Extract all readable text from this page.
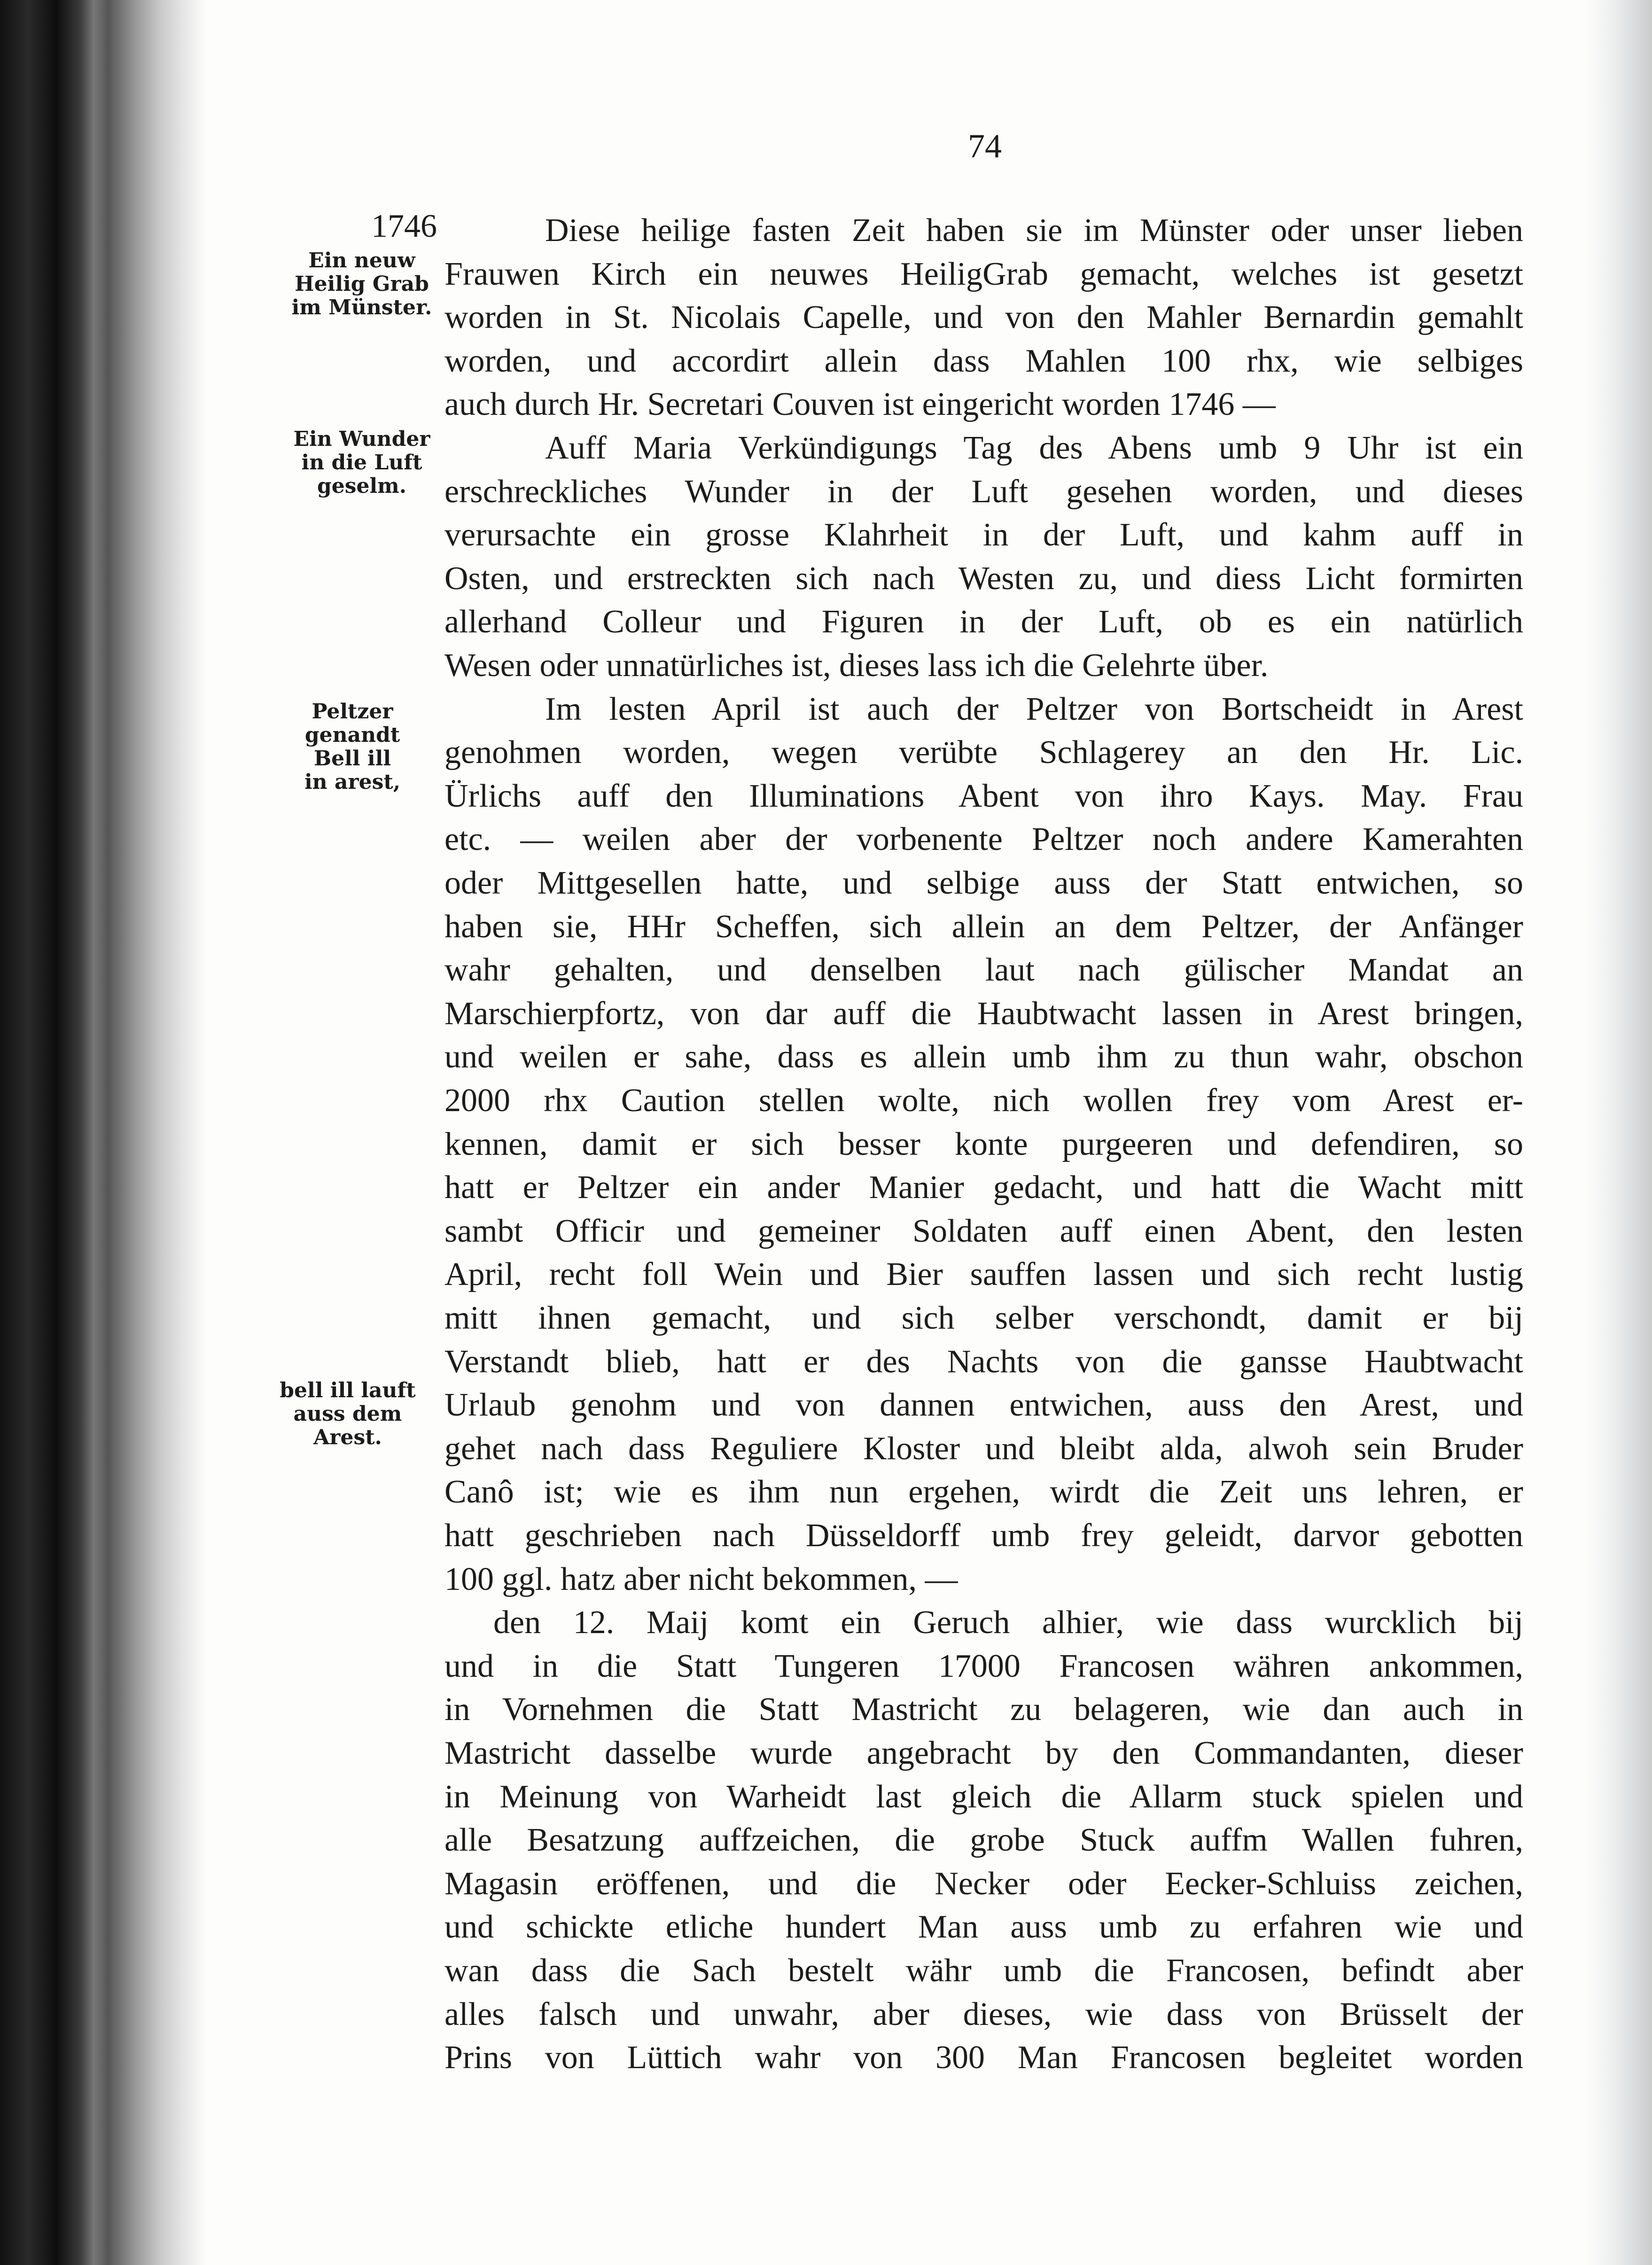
74
1746
Ein neuw
Heilig Grab
im Münster.
Ein Wunder
in die Luft
geselm.
Peltzer
genandt
Bell ill
in arest,
bell ill lauft
auss dem
Arest.
Diese heilige fasten Zeit haben sie im Münster oder unser lieben
Frauwen Kirch ein neuwes HeiligGrab gemacht, welches ist gesetzt
worden in St. Nicolais Capelle, und von den Mahler Bernardin gemahlt
worden, und accordirt allein dass Mahlen 100 rhx, wie selbiges
auch durch Hr. Secretari Couven ist eingericht worden 1746 —
Auff Maria Verkündigungs Tag des Abens umb 9 Uhr ist ein
erschreckliches Wunder in der Luft gesehen worden, und dieses
verursachte ein grosse Klahrheit in der Luft, und kahm auff in
Osten, und erstreckten sich nach Westen zu, und diess Licht formirten
allerhand Colleur und Figuren in der Luft, ob es ein natürlich
Wesen oder unnatürliches ist, dieses lass ich die Gelehrte über.
Im lesten April ist auch der Peltzer von Bortscheidt in Arest
genohmen worden, wegen verübte Schlagerey an den Hr. Lic.
Ürlichs auff den Illuminations Abent von ihro Kays. May. Frau
etc. — weilen aber der vorbenente Peltzer noch andere Kamerahten
oder Mittgesellen hatte, und selbige auss der Statt entwichen, so
haben sie, HHr Scheffen, sich allein an dem Peltzer, der Anfänger
wahr gehalten, und denselben laut nach gülischer Mandat an
Marschierpfortz, von dar auff die Haubtwacht lassen in Arest bringen,
und weilen er sahe, dass es allein umb ihm zu thun wahr, obschon
2000 rhx Caution stellen wolte, nich wollen frey vom Arest er-
kennen, damit er sich besser konte purgeeren und defendiren, so
hatt er Peltzer ein ander Manier gedacht, und hatt die Wacht mitt
sambt Officir und gemeiner Soldaten auff einen Abent, den lesten
April, recht foll Wein und Bier sauffen lassen und sich recht lustig
mitt ihnen gemacht, und sich selber verschondt, damit er bij
Verstandt blieb, hatt er des Nachts von die gansse Haubtwacht
Urlaub genohm und von dannen entwichen, auss den Arest, und
gehet nach dass Reguliere Kloster und bleibt alda, alwoh sein Bruder
Canô ist; wie es ihm nun ergehen, wirdt die Zeit uns lehren, er
hatt geschrieben nach Düsseldorff umb frey geleidt, darvor gebotten
100 ggl. hatz aber nicht bekommen, —
den 12. Maij komt ein Geruch alhier, wie dass wurcklich bij
und in die Statt Tungeren 17000 Francosen währen ankommen,
in Vornehmen die Statt Mastricht zu belageren, wie dan auch in
Mastricht dasselbe wurde angebracht by den Commandanten, dieser
in Meinung von Warheidt last gleich die Allarm stuck spielen und
alle Besatzung auffzeichen, die grobe Stuck auffm Wallen fuhren,
Magasin eröffenen, und die Necker oder Eecker-Schluiss zeichen,
und schickte etliche hundert Man auss umb zu erfahren wie und
wan dass die Sach bestelt währ umb die Francosen, befindt aber
alles falsch und unwahr, aber dieses, wie dass von Brüsselt der
Prins von Lüttich wahr von 300 Man Francosen begleitet worden
